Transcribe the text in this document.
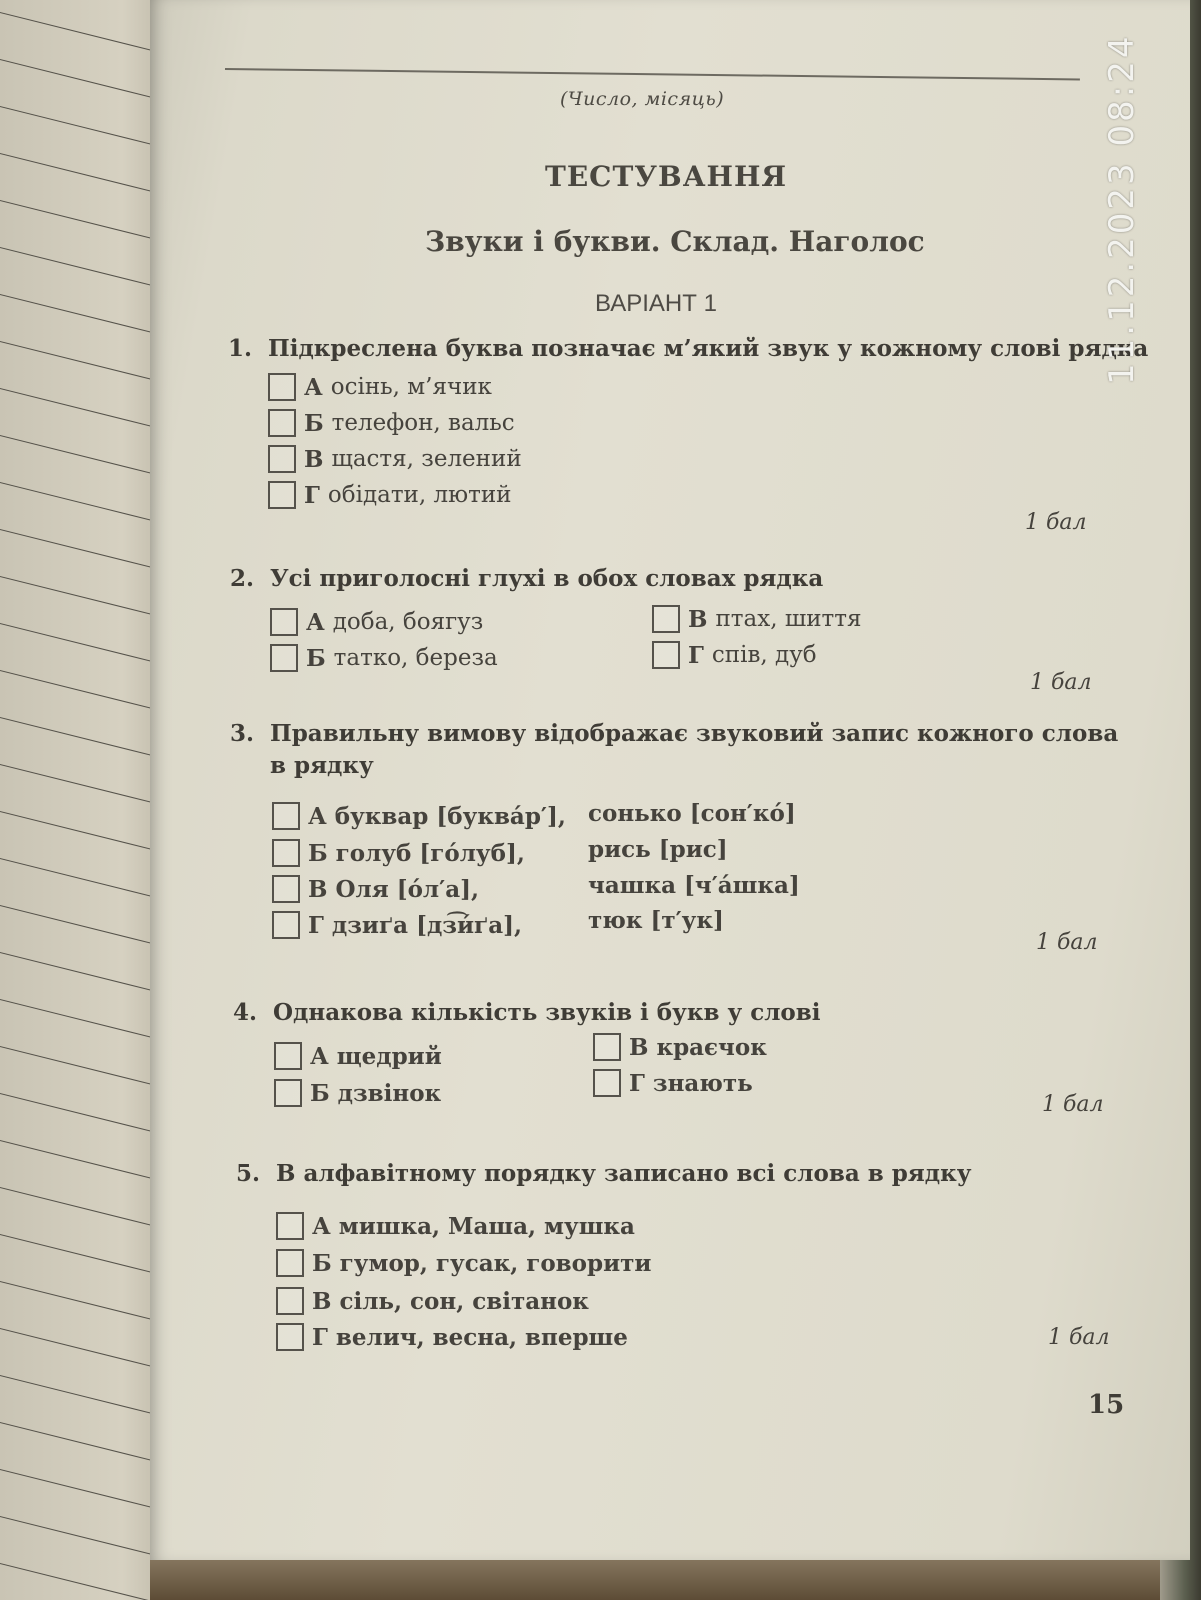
(Число, місяць)
ТЕСТУВАННЯ
Звуки і букви. Склад. Наголос
ВАРІАНТ 1
1. Підкреслена буква позначає м’який звук у кожному слові рядка
А осінь, м’ячик
Б телефон, вальс
В щастя, зелений
Г обідати, лютий
1 бал
2. Усі приголосні глухі в обох словах рядка
А доба, боягуз
Б татко, береза
В птах, шиття
Г спів, дуб
1 бал
3. Правильну вимову відображає звуковий запис кожного слова
в рядку
А буквар [буква́р′],
Б голуб [го́луб],
В Оля [о́л′а],
Г дзиґа [дз͡и́ґа],
сонько [сон′ко́]
рись [рис]
чашка [ч′а́шка]
тюк [т′ук]
1 бал
4. Однакова кількість звуків і букв у слові
А щедрий
Б дзвінок
В краєчок
Г знають
1 бал
5. В алфавітному порядку записано всі слова в рядку
А мишка, Маша, мушка
Б гумор, гусак, говорити
В сіль, сон, світанок
Г велич, весна, вперше	1 бал
15
11.12.2023 08:24
